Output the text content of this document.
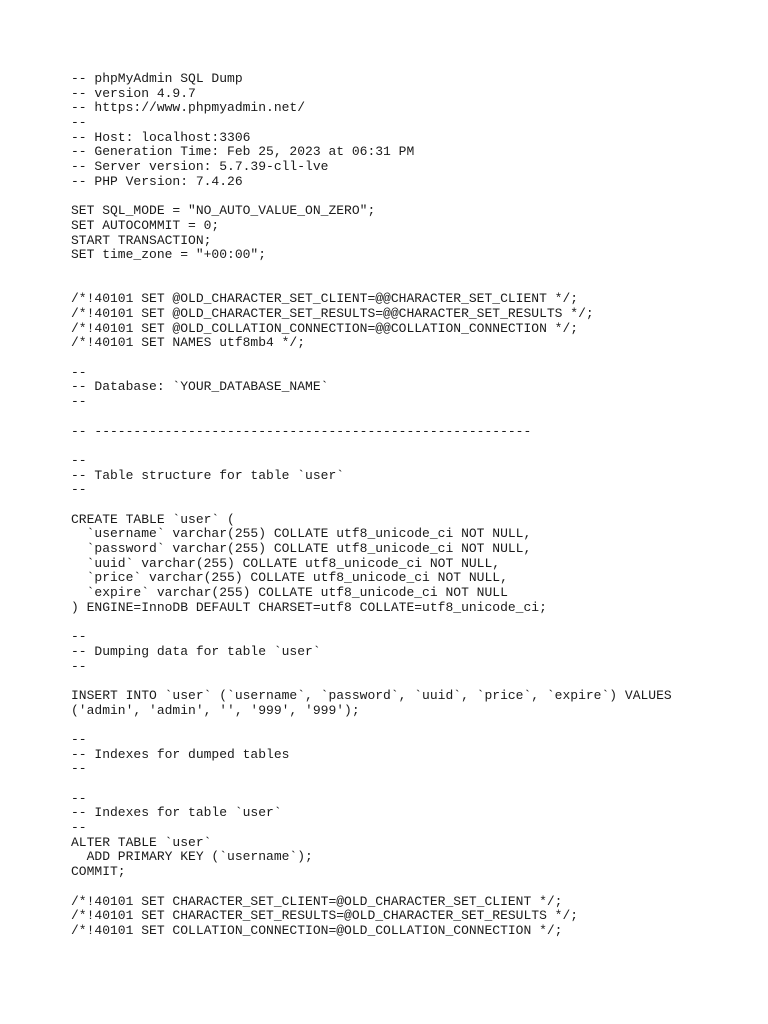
-- phpMyAdmin SQL Dump
-- version 4.9.7
-- https://www.phpmyadmin.net/
--
-- Host: localhost:3306
-- Generation Time: Feb 25, 2023 at 06:31 PM
-- Server version: 5.7.39-cll-lve
-- PHP Version: 7.4.26
SET SQL_MODE = "NO_AUTO_VALUE_ON_ZERO";
SET AUTOCOMMIT = 0;
START TRANSACTION;
SET time_zone = "+00:00";
/*!40101 SET @OLD_CHARACTER_SET_CLIENT=@@CHARACTER_SET_CLIENT */;
/*!40101 SET @OLD_CHARACTER_SET_RESULTS=@@CHARACTER_SET_RESULTS */;
/*!40101 SET @OLD_COLLATION_CONNECTION=@@COLLATION_CONNECTION */;
/*!40101 SET NAMES utf8mb4 */;
--
-- Database: `YOUR_DATABASE_NAME`
--
-- --------------------------------------------------------
--
-- Table structure for table `user`
--
CREATE TABLE `user` (
`username` varchar(255) COLLATE utf8_unicode_ci NOT NULL,
`password` varchar(255) COLLATE utf8_unicode_ci NOT NULL,
`uuid` varchar(255) COLLATE utf8_unicode_ci NOT NULL,
`price` varchar(255) COLLATE utf8_unicode_ci NOT NULL,
`expire` varchar(255) COLLATE utf8_unicode_ci NOT NULL
) ENGINE=InnoDB DEFAULT CHARSET=utf8 COLLATE=utf8_unicode_ci;
--
-- Dumping data for table `user`
--
INSERT INTO `user` (`username`, `password`, `uuid`, `price`, `expire`) VALUES
('admin', 'admin', '', '999', '999');
--
-- Indexes for dumped tables
--
--
-- Indexes for table `user`
--
ALTER TABLE `user`
ADD PRIMARY KEY (`username`);
COMMIT;
/*!40101 SET CHARACTER_SET_CLIENT=@OLD_CHARACTER_SET_CLIENT */;
/*!40101 SET CHARACTER_SET_RESULTS=@OLD_CHARACTER_SET_RESULTS */;
/*!40101 SET COLLATION_CONNECTION=@OLD_COLLATION_CONNECTION */;
